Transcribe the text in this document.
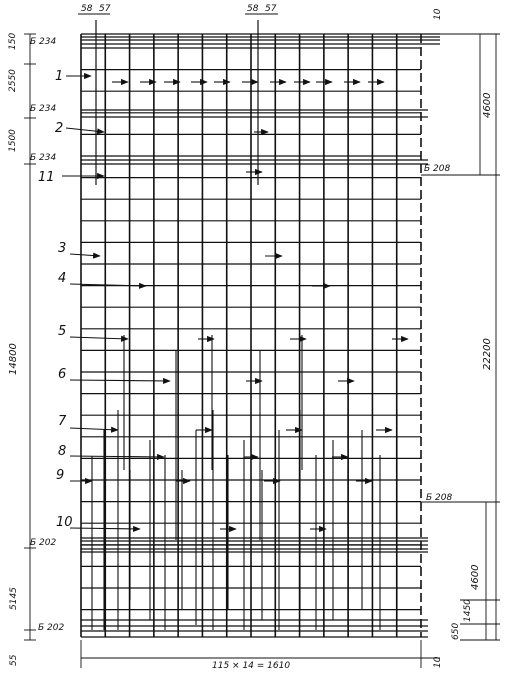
58 57	58 57	10
10
55
150
2550
1500
14800
5145
4600
22200
4600
1450
650
115 × 14 = 1610
Б 234
Б 234
Б 234
Б 202
Б 202
Б 208
Б 208
1
2
11
3
4
5
6
7
8
9
10
